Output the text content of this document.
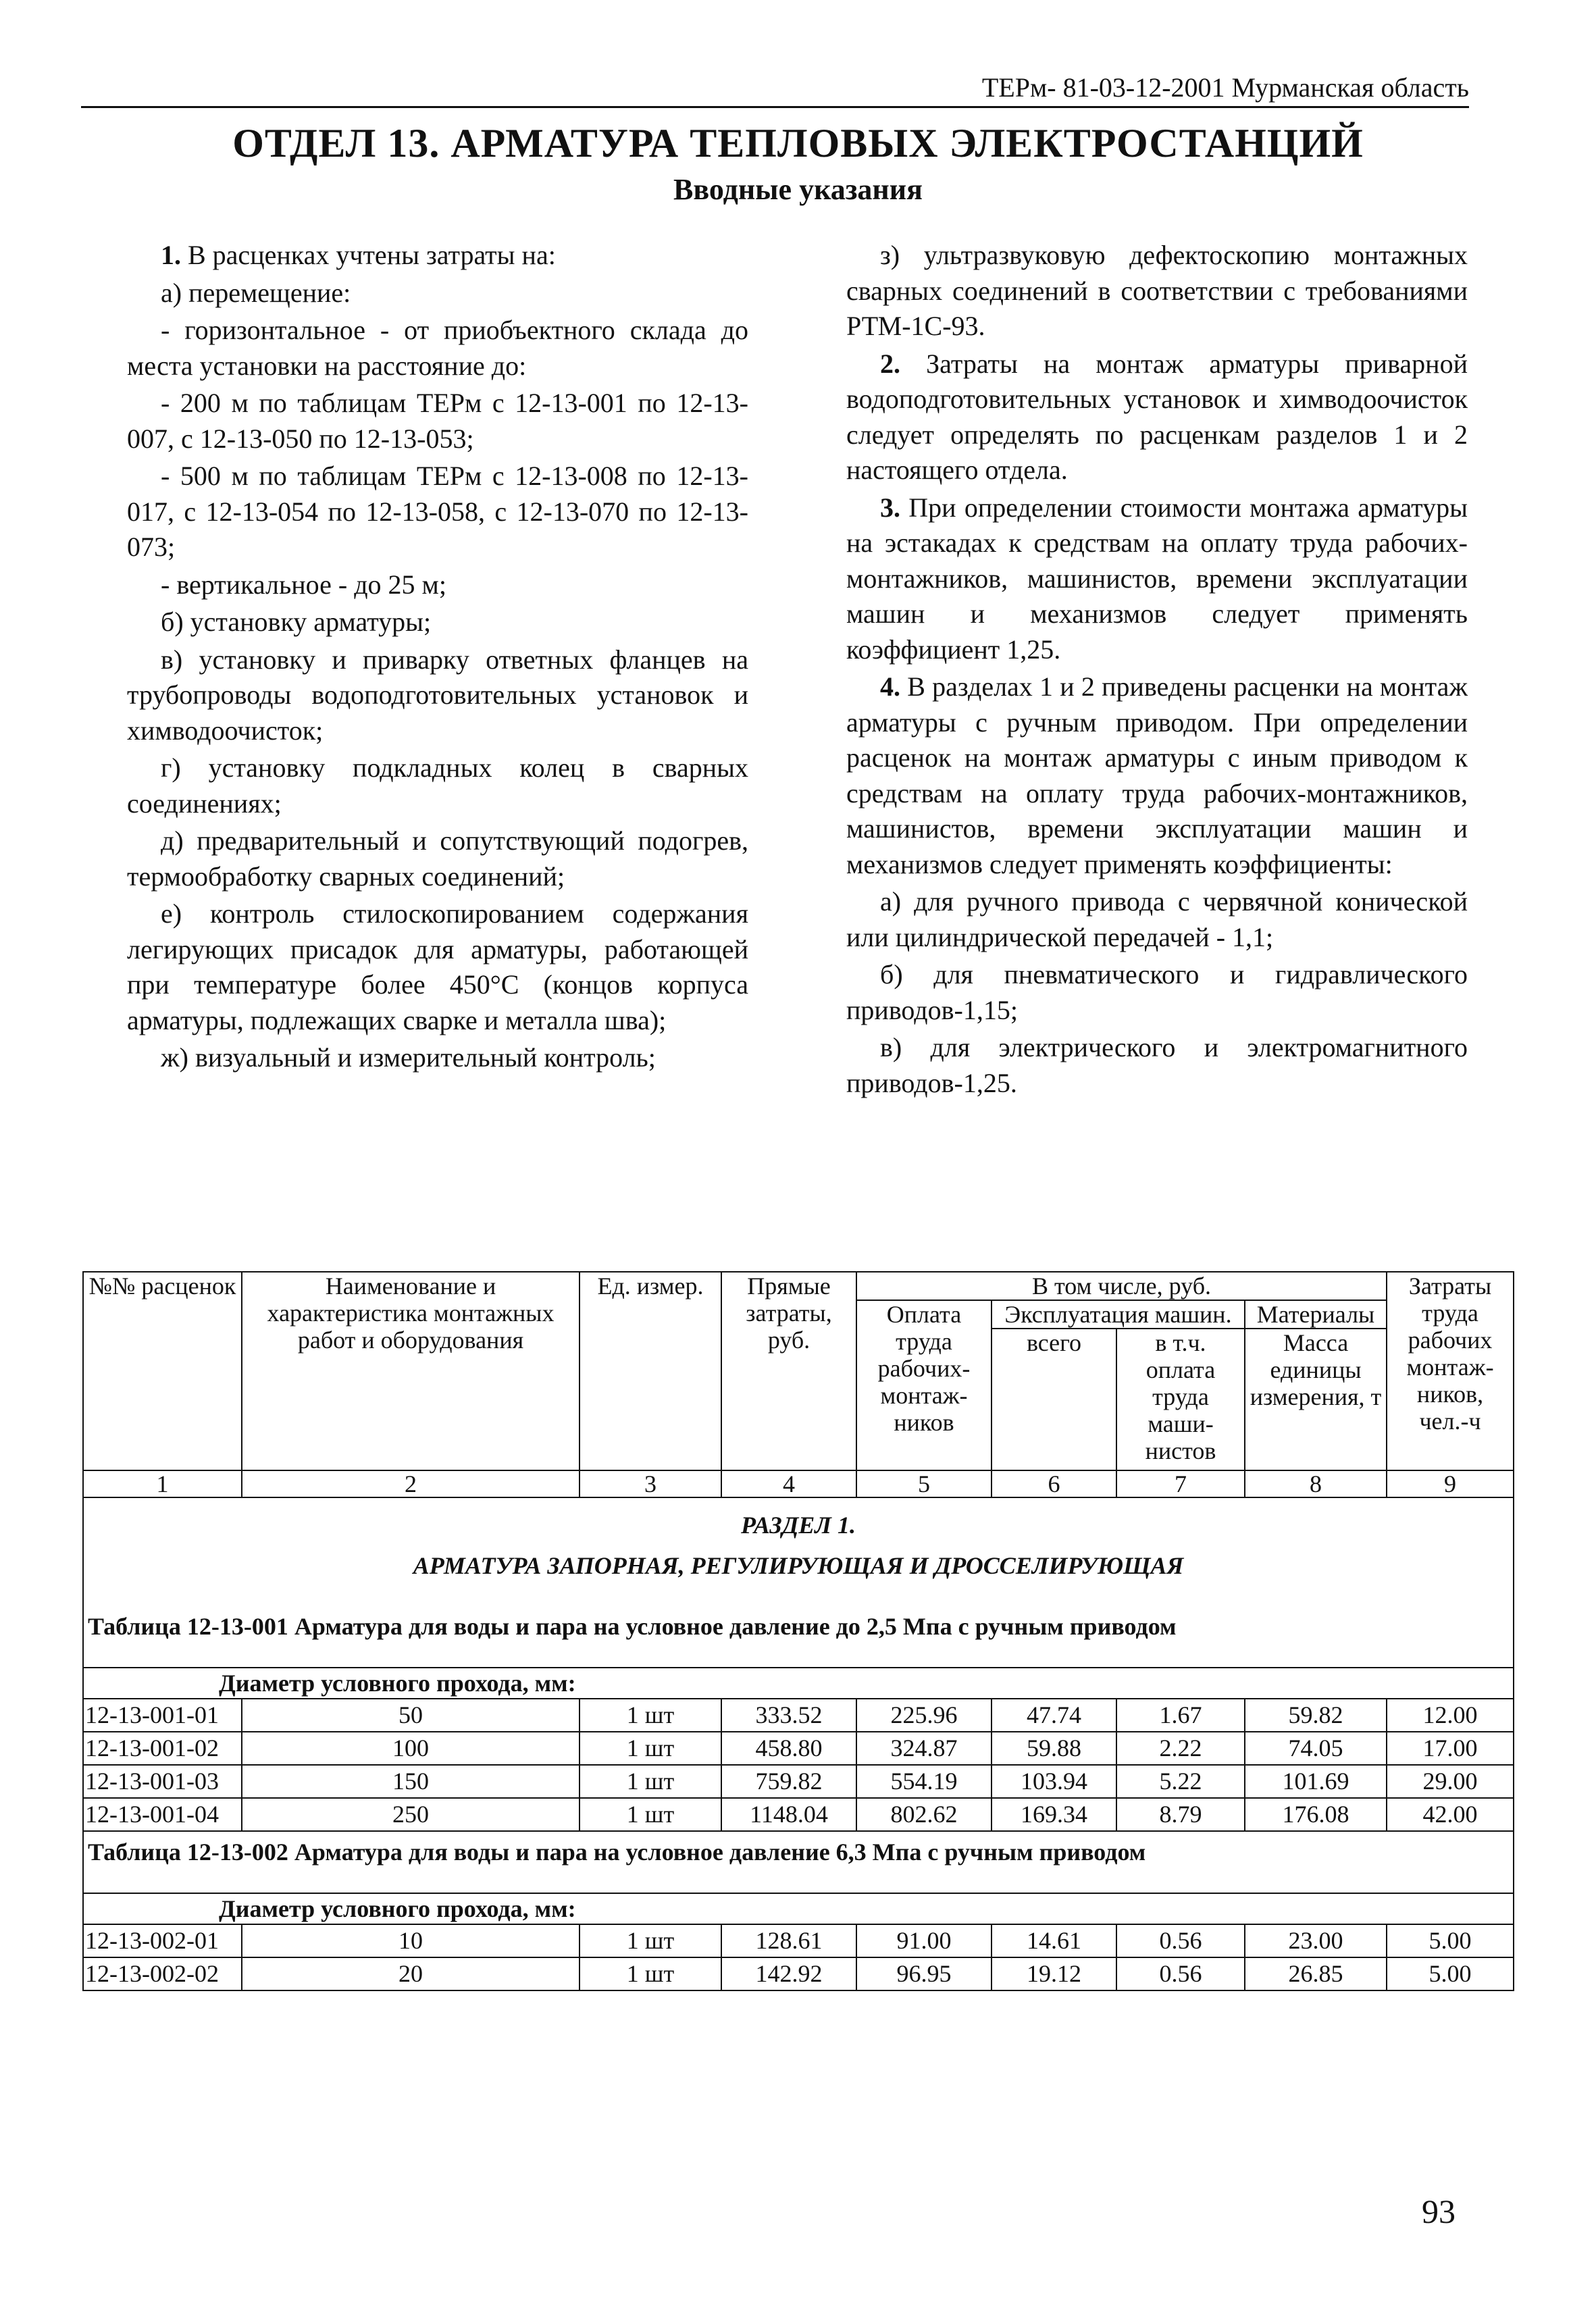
ТЕРм- 81-03-12-2001 Мурманская область
ОТДЕЛ 13. АРМАТУРА ТЕПЛОВЫХ ЭЛЕКТРОСТАНЦИЙ
Вводные указания
1. В расценках учтены затраты на:
а) перемещение:
- горизонтальное - от приобъектного склада до места установки на расстояние до:
- 200 м по таблицам ТЕРм с 12-13-001 по 12-13-007, с 12-13-050 по 12-13-053;
- 500 м по таблицам ТЕРм с 12-13-008 по 12-13-017, с 12-13-054 по 12-13-058, с 12-13-070 по 12-13-073;
- вертикальное - до 25 м;
б) установку арматуры;
в) установку и приварку ответных фланцев на трубопроводы водоподготовительных установок и химводоочисток;
г) установку подкладных колец в сварных соединениях;
д) предварительный и сопутствующий подогрев, термообработку сварных соединений;
е) контроль стилоскопированием содержания легирующих присадок для арматуры, работающей при температуре более 450°С (концов корпуса арматуры, подлежащих сварке и металла шва);
ж) визуальный и измерительный контроль;
з) ультразвуковую дефектоскопию монтажных сварных соединений в соответствии с требованиями РТМ-1С-93.
2. Затраты на монтаж арматуры приварной водоподготовительных установок и химводоочисток следует определять по расценкам разделов 1 и 2 настоящего отдела.
3. При определении стоимости монтажа арматуры на эстакадах к средствам на оплату труда рабочих-монтажников, машинистов, времени эксплуатации машин и механизмов следует применять коэффициент 1,25.
4. В разделах 1 и 2 приведены расценки на монтаж арматуры с ручным приводом. При определении расценок на монтаж арматуры с иным приводом к средствам на оплату труда рабочих-монтажников, машинистов, времени эксплуатации машин и механизмов следует применять коэффициенты:
а) для ручного привода с червячной конической или цилиндрической передачей - 1,1;
б) для пневматического и гидравлического приводов-1,15;
в) для электрического и электромагнитного приводов-1,25.
№№ расценок	Наименование и характеристика монтажных работ и оборудования	Ед. измер.	Прямые затраты, руб.	В том числе, руб.				Затраты труда рабочих монтаж-ников, чел.-ч
				Оплата труда рабочих-монтаж-ников	Эксплуатация машин.		Материалы	
					всего	в т.ч. оплата труда маши-нистов	Масса единицы измерения, т	
1	2	3	4	5	6	7	8	9

РАЗДЕЛ 1.
АРМАТУРА ЗАПОРНАЯ, РЕГУЛИРУЮЩАЯ И ДРОССЕЛИРУЮЩАЯ								

Таблица 12-13-001 Арматура для воды и пара на условное давление до 2,5 Мпа с ручным приводом								
Диаметр условного прохода, мм:								
12-13-001-01	50	1 шт	333.52	225.96	47.74	1.67	59.82	12.00
12-13-001-02	100	1 шт	458.80	324.87	59.88	2.22	74.05	17.00
12-13-001-03	150	1 шт	759.82	554.19	103.94	5.22	101.69	29.00
12-13-001-04	250	1 шт	1148.04	802.62	169.34	8.79	176.08	42.00
Таблица 12-13-002 Арматура для воды и пара на условное давление 6,3 Мпа с ручным приводом								
Диаметр условного прохода, мм:								
12-13-002-01	10	1 шт	128.61	91.00	14.61	0.56	23.00	5.00
12-13-002-02	20	1 шт	142.92	96.95	19.12	0.56	26.85	5.00
93
